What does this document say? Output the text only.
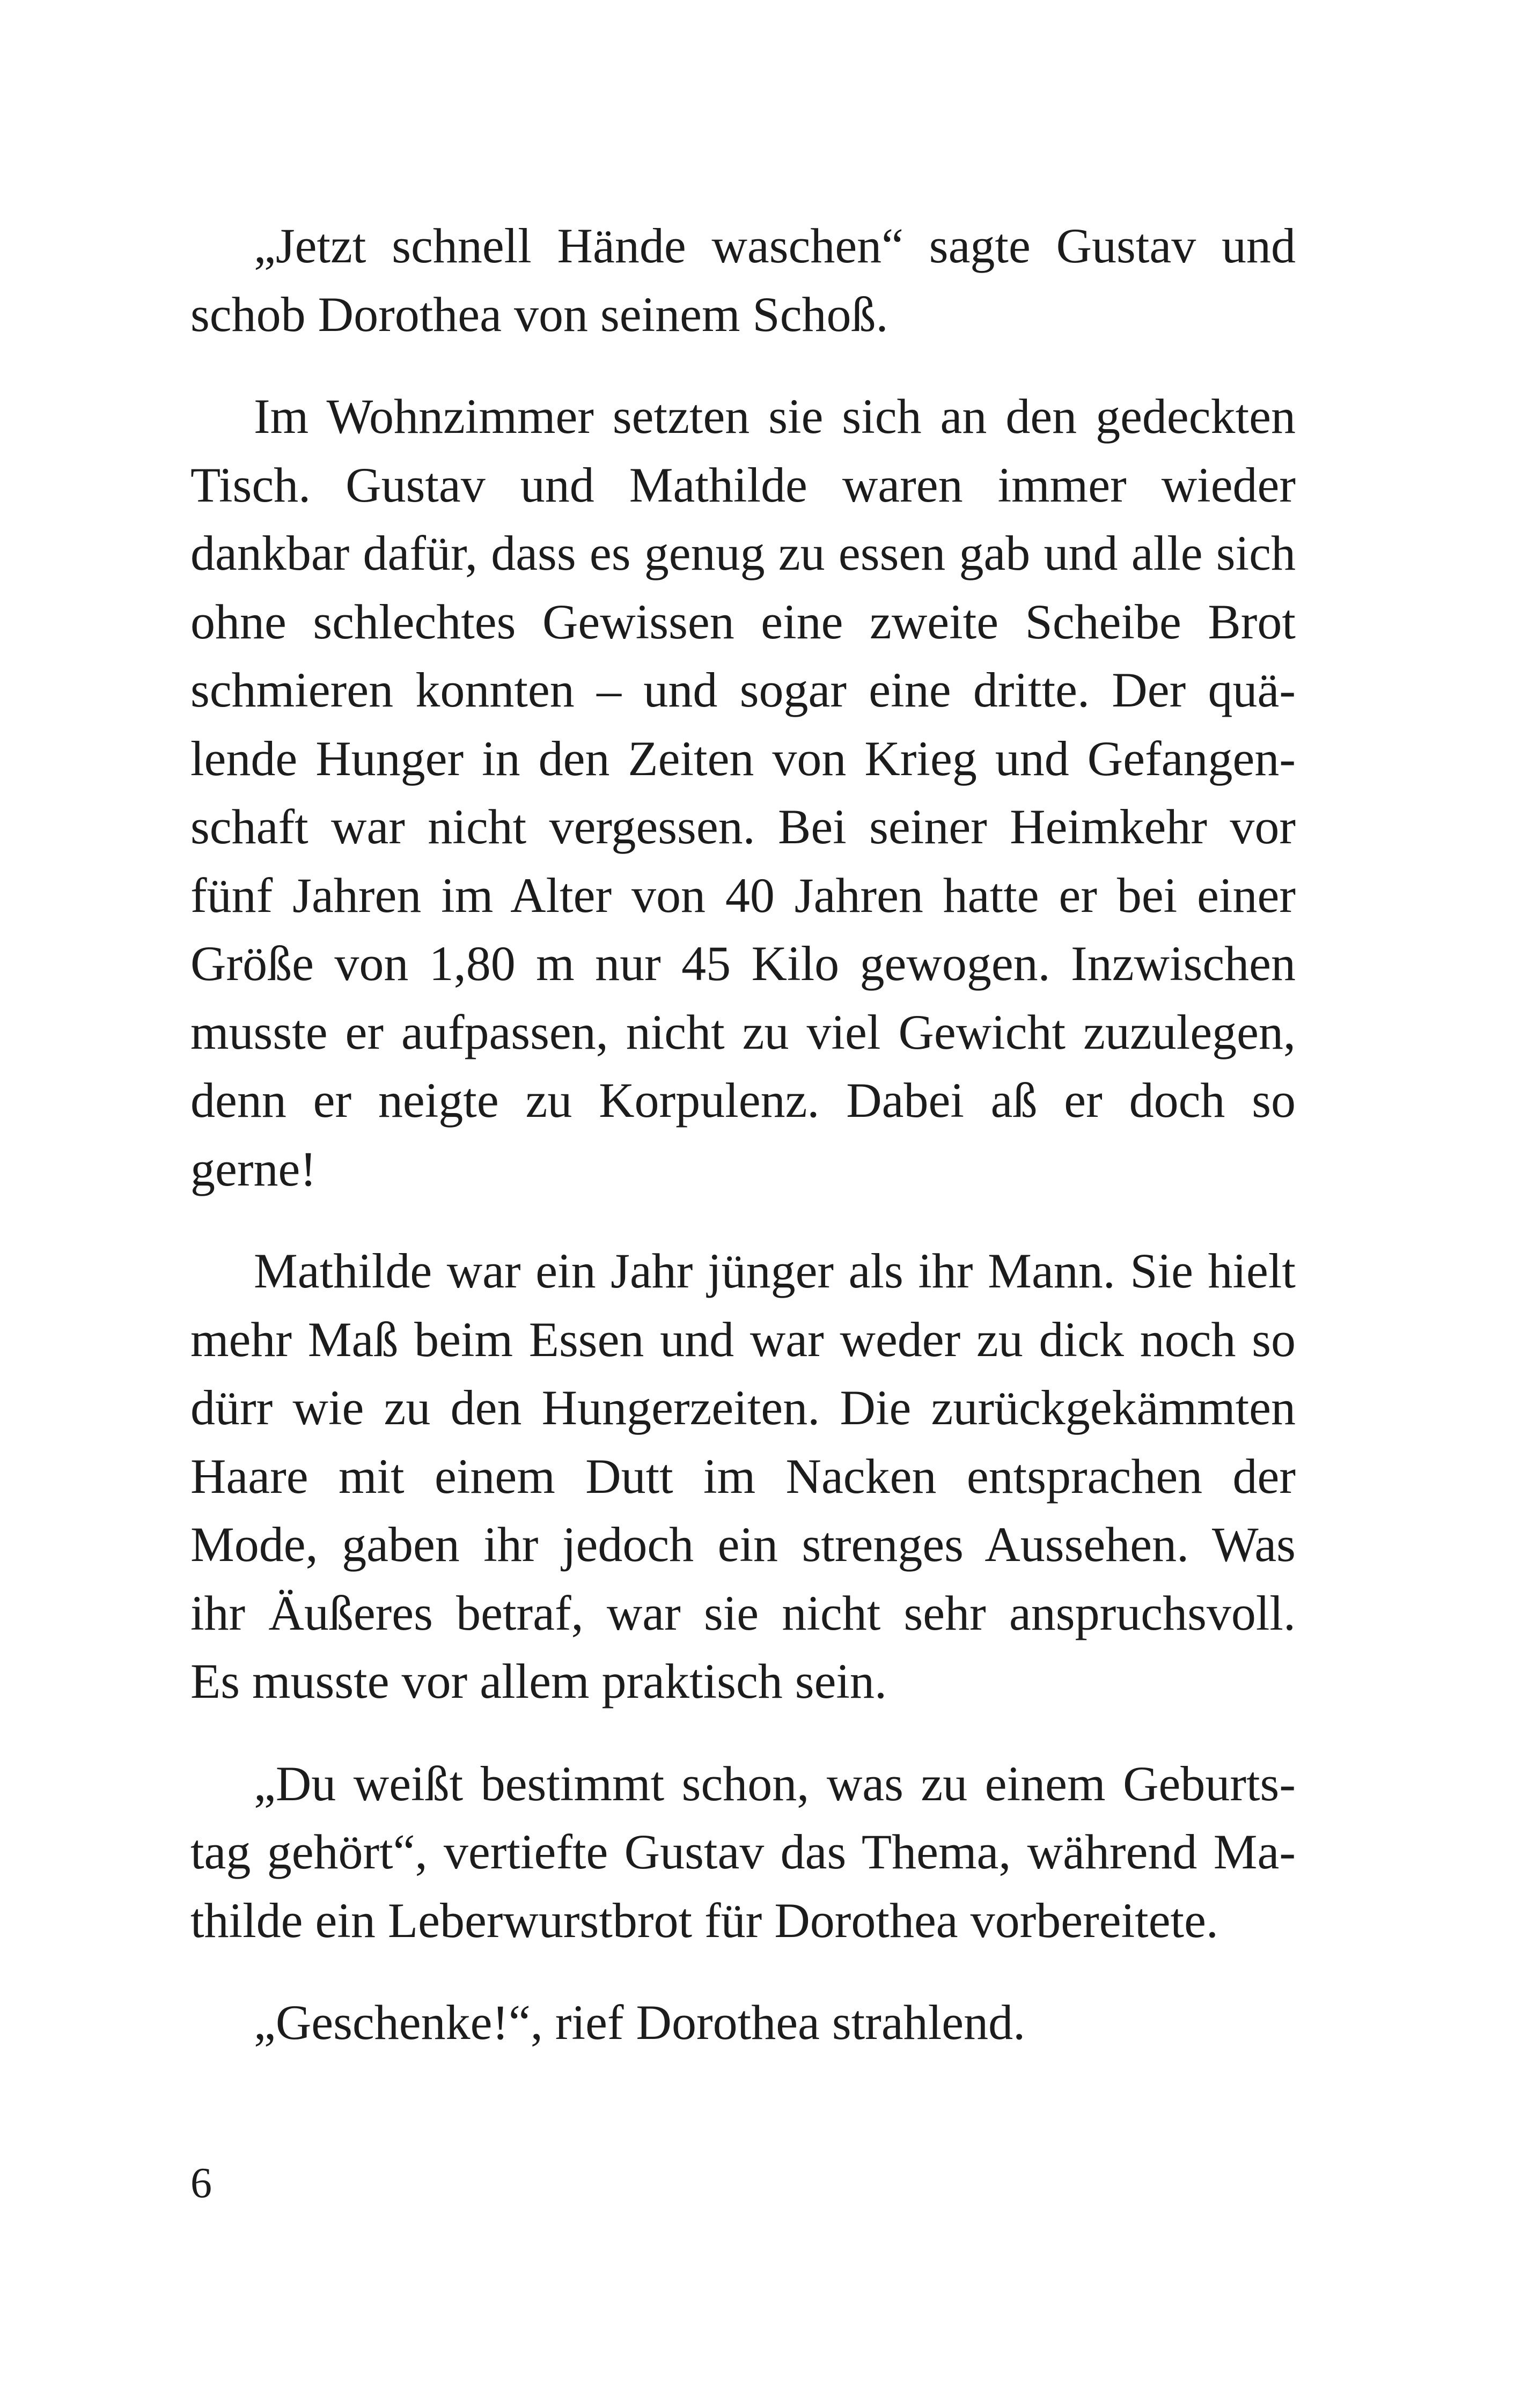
„Jetzt schnell Hände waschen“ sagte Gustav und
schob Dorothea von seinem Schoß.
Im Wohnzimmer setzten sie sich an den gedeckten
Tisch. Gustav und Mathilde waren immer wieder
dankbar dafür, dass es genug zu essen gab und alle sich
ohne schlechtes Gewissen eine zweite Scheibe Brot
schmieren konnten – und sogar eine dritte. Der quä-
lende Hunger in den Zeiten von Krieg und Gefangen-
schaft war nicht vergessen. Bei seiner Heimkehr vor
fünf Jahren im Alter von 40 Jahren hatte er bei einer
Größe von 1,80 m nur 45 Kilo gewogen. Inzwischen
musste er aufpassen, nicht zu viel Gewicht zuzulegen,
denn er neigte zu Korpulenz. Dabei aß er doch so
gerne!
Mathilde war ein Jahr jünger als ihr Mann. Sie hielt
mehr Maß beim Essen und war weder zu dick noch so
dürr wie zu den Hungerzeiten. Die zurückgekämmten
Haare mit einem Dutt im Nacken entsprachen der
Mode, gaben ihr jedoch ein strenges Aussehen. Was
ihr Äußeres betraf, war sie nicht sehr anspruchsvoll.
Es musste vor allem praktisch sein.
„Du weißt bestimmt schon, was zu einem Geburts-
tag gehört“, vertiefte Gustav das Thema, während Ma-
thilde ein Leberwurstbrot für Dorothea vorbereitete.
„Geschenke!“, rief Dorothea strahlend.
6
